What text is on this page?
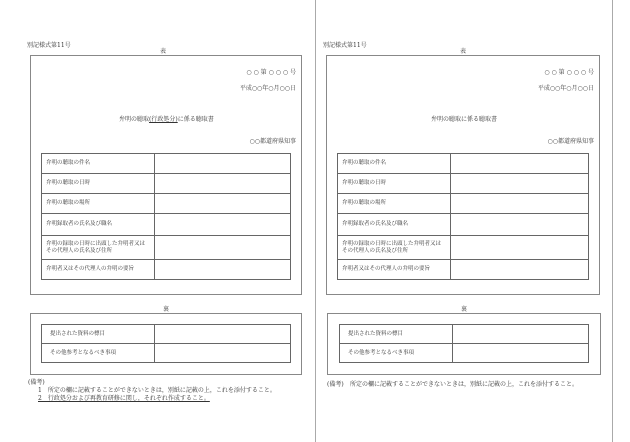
別記様式第11号
表
○ ○ 第 ○ ○ ○ 号
平成○○年○月○○日
弁明の聴取(行政処分)に係る聴取書
○○都道府県知事
弁明の聴取の件名	
弁明の聴取の日時	
弁明の聴取の場所	
弁明録取者の氏名及び職名	
弁明の録取の日時に出頭した弁明者又はその代理人の氏名及び住所	
弁明者又はその代理人の弁明の要旨	
裏
提出された資料の標目	
その他参考となるべき事項	
(備考)
1　所定の欄に記載することができないときは，別紙に記載の上，これを添付すること。
2　行政処分および再教育研修に関し，それぞれ作成すること。
別記様式第11号
表
○ ○ 第 ○ ○ ○ 号
平成○○年○月○○日
弁明の聴取に係る聴取書
○○都道府県知事
弁明の聴取の件名	
弁明の聴取の日時	
弁明の聴取の場所	
弁明録取者の氏名及び職名	
弁明の録取の日時に出頭した弁明者又はその代理人の氏名及び住所	
弁明者又はその代理人の弁明の要旨	
裏
提出された資料の標目	
その他参考となるべき事項	
(備考) 所定の欄に記載することができないときは，別紙に記載の上，これを添付すること。
